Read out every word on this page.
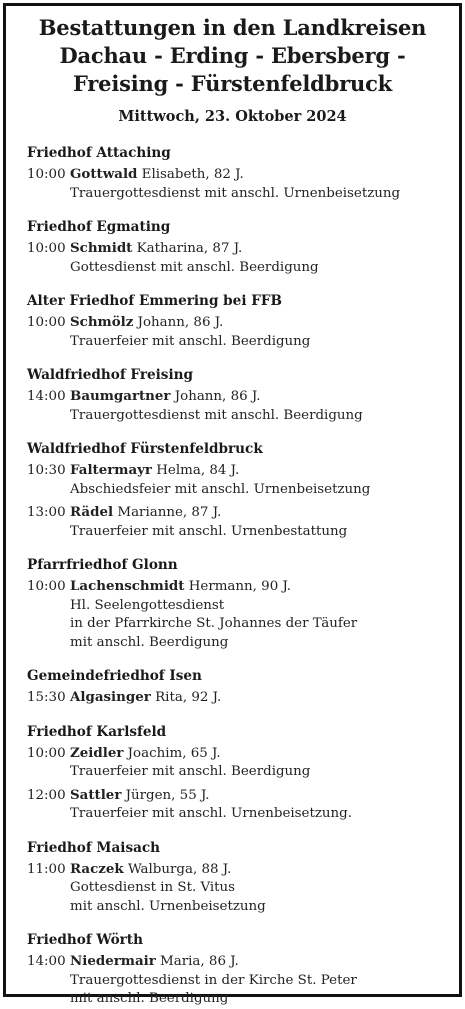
Bestattungen in den Landkreisen
Dachau - Erding - Ebersberg -
Freising - Fürstenfeldbruck
Mittwoch, 23. Oktober 2024
Friedhof Attaching
10:00 Gottwald Elisabeth, 82 J.
Trauergottesdienst mit anschl. Urnenbeisetzung
Friedhof Egmating
10:00 Schmidt Katharina, 87 J.
Gottesdienst mit anschl. Beerdigung
Alter Friedhof Emmering bei FFB
10:00 Schmölz Johann, 86 J.
Trauerfeier mit anschl. Beerdigung
Waldfriedhof Freising
14:00 Baumgartner Johann, 86 J.
Trauergottesdienst mit anschl. Beerdigung
Waldfriedhof Fürstenfeldbruck
10:30 Faltermayr Helma, 84 J.
Abschiedsfeier mit anschl. Urnenbeisetzung
13:00 Rädel Marianne, 87 J.
Trauerfeier mit anschl. Urnenbestattung
Pfarrfriedhof Glonn
10:00 Lachenschmidt Hermann, 90 J.
Hl. Seelengottesdienst
in der Pfarrkirche St. Johannes der Täufer
mit anschl. Beerdigung
Gemeindefriedhof Isen
15:30 Algasinger Rita, 92 J.
Friedhof Karlsfeld
10:00 Zeidler Joachim, 65 J.
Trauerfeier mit anschl. Beerdigung
12:00 Sattler Jürgen, 55 J.
Trauerfeier mit anschl. Urnenbeisetzung.
Friedhof Maisach
11:00 Raczek Walburga, 88 J.
Gottesdienst in St. Vitus
mit anschl. Urnenbeisetzung
Friedhof Wörth
14:00 Niedermair Maria, 86 J.
Trauergottesdienst in der Kirche St. Peter
mit anschl. Beerdigung
